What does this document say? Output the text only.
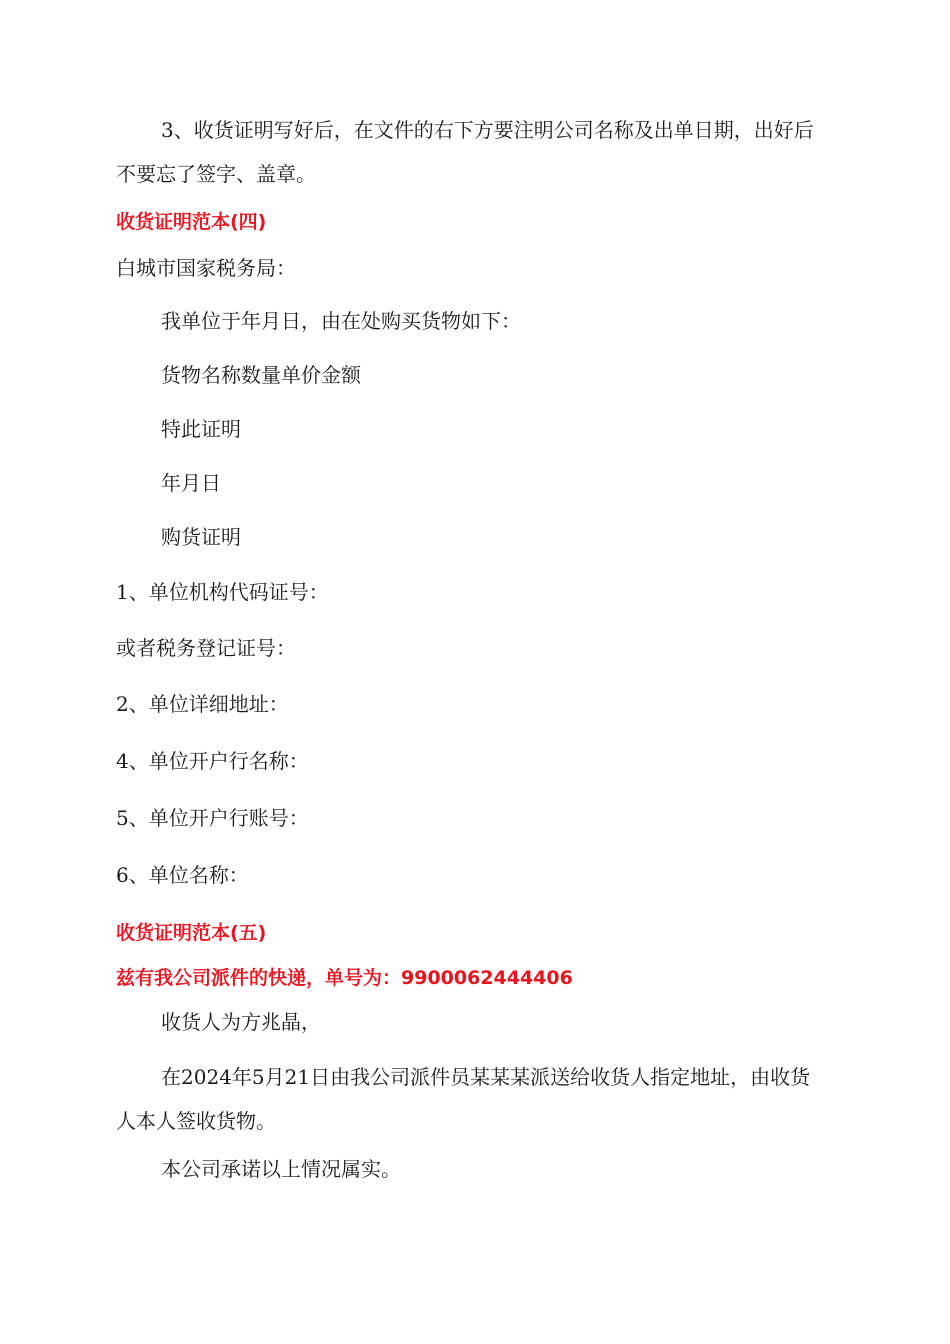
3、收货证明写好后，在文件的右下方要注明公司名称及出单日期，出好后不要忘了签字、盖章。

收货证明范本(四)

白城市国家税务局：

我单位于年月日，由在处购买货物如下：

货物名称数量单价金额

特此证明

年月日

购货证明

1、单位机构代码证号：

或者税务登记证号：

2、单位详细地址：

4、单位开户行名称：

5、单位开户行账号：

6、单位名称：

收货证明范本(五)

兹有我公司派件的快递，单号为：9900062444406

收货人为方兆晶，

在2024年5月21日由我公司派件员某某某派送给收货人指定地址，由收货人本人签收货物。

本公司承诺以上情况属实。
